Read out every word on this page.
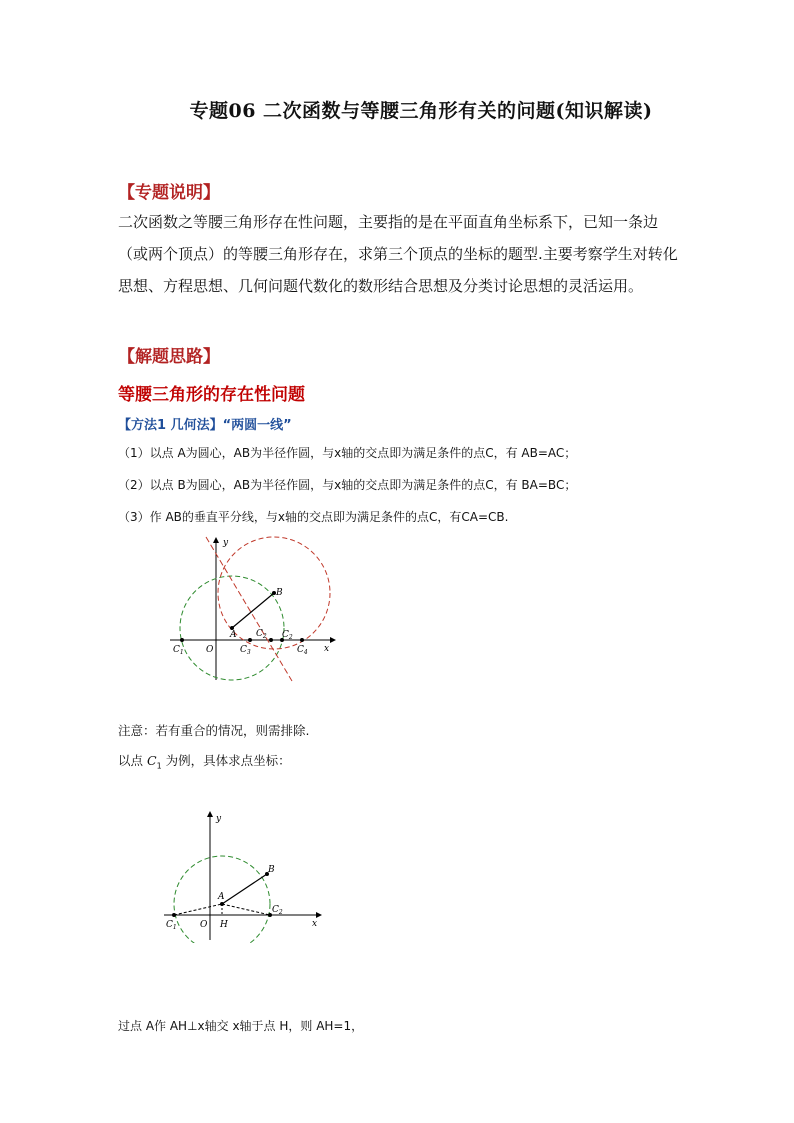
专题06 二次函数与等腰三角形有关的问题(知识解读)
【专题说明】
二次函数之等腰三角形存在性问题，主要指的是在平面直角坐标系下，已知一条边（或两个顶点）的等腰三角形存在，求第三个顶点的坐标的题型.主要考察学生对转化思想、方程思想、几何问题代数化的数形结合思想及分类讨论思想的灵活运用。
【解题思路】
等腰三角形的存在性问题
【方法1 几何法】“两圆一线”
（1）以点 A为圆心，AB为半径作圆，与x轴的交点即为满足条件的点C，有 AB=AC；
（2）以点 B为圆心，AB为半径作圆，与x轴的交点即为满足条件的点C，有 BA=BC；
（3）作 AB的垂直平分线，与x轴的交点即为满足条件的点C，有CA=CB.
y
x
O
A
B
$C_1$	$C_3$
$C_2$ $C_2$
$C_4$
注意：若有重合的情况，则需排除.
以点 $C_1$ 为例，具体求点坐标：
y
x
O
A
B
H
$C_1$
$C_2$
过点 A作 AH⊥x轴交 x轴于点 H，则 AH=1，
